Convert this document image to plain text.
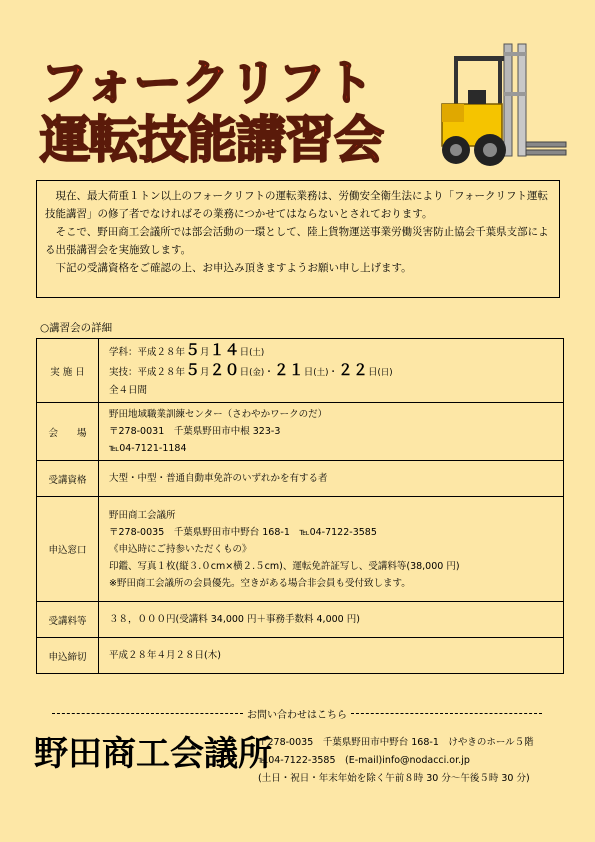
フォークリフト
運転技能講習会

現在、最大荷重１トン以上のフォークリフトの運転業務は、労働安全衛生法により「フォークリフト運転技能講習」の修了者でなければその業務につかせてはならないとされております。

そこで、野田商工会議所では部会活動の一環として、陸上貨物運送事業労働災害防止協会千葉県支部による出張講習会を実施致します。

下記の受講資格をご確認の上、お申込み頂きますようお願い申し上げます。

○講習会の詳細
実 施 日	学科：平成２８年５月１４日(土)
実技：平成２８年５月２０日(金)・２１日(土)・２２日(日)
全４日間

会　　場	野田地域職業訓練センター（さわやかワークのだ）
〒278-0031　千葉県野田市中根 323-3
℡04-7121-1184

受講資格	大型・中型・普通自動車免許のいずれかを有する者
申込窓口	野田商工会議所
〒278-0035　千葉県野田市中野台 168-1　℡04-7122-3585
《申込時にご持参いただくもの》
印鑑、写真１枚(縦３.０cm×横２.５cm)、運転免許証写し、受講料等(38,000 円)
※野田商工会議所の会員優先。空きがある場合非会員も受付致します。

受講料等	３８，０００円(受講料 34,000 円＋事務手数料 4,000 円)
申込締切	平成２８年４月２８日(木)
お問い合わせはこちら
野田商工会議所
〒278-0035　千葉県野田市中野台 168-1　けやきのホール５階
℡04-7122-3585　(E-mail)info@nodacci.or.jp
(土日・祝日・年末年始を除く午前８時 30 分～午後５時 30 分)
